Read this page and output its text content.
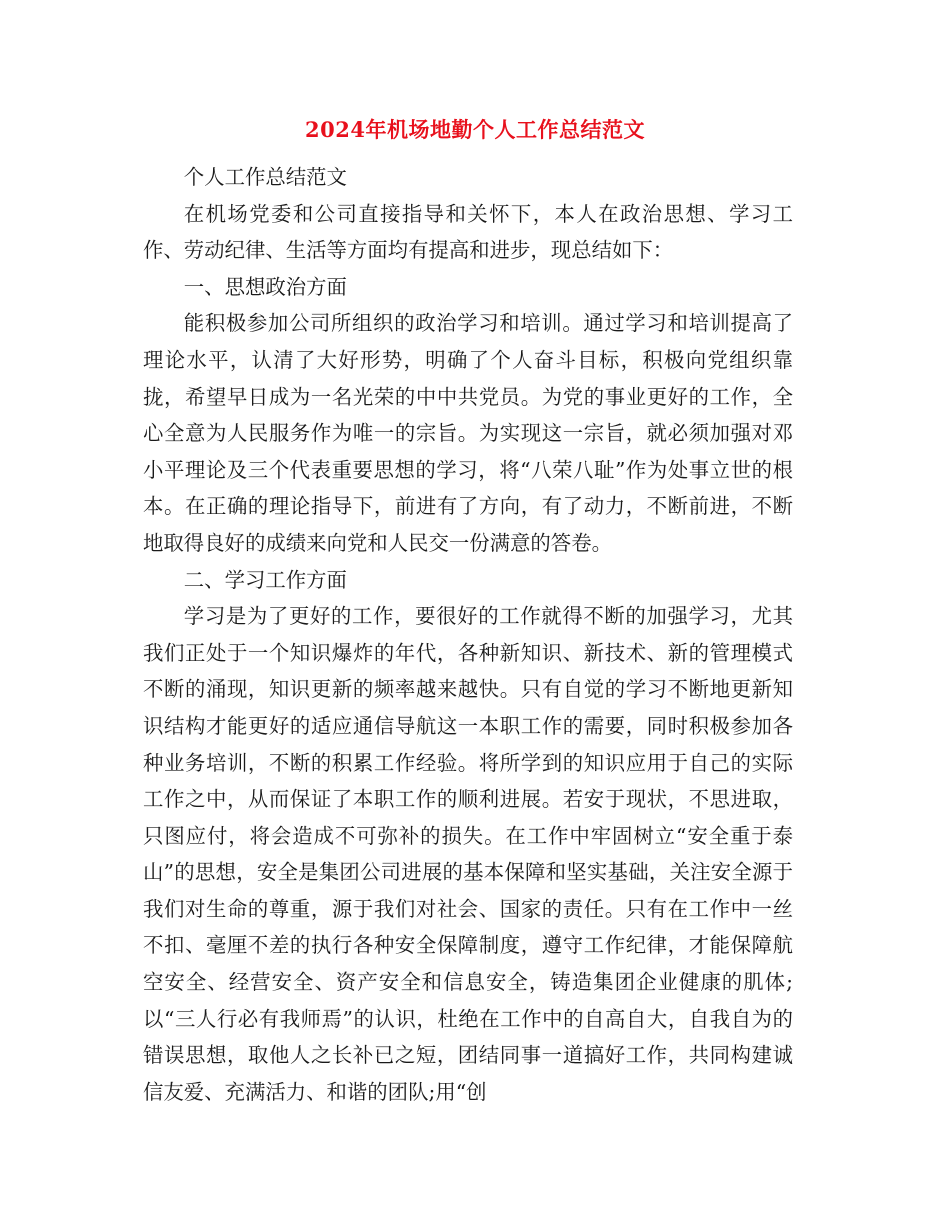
2024年机场地勤个人工作总结范文

个人工作总结范文

在机场党委和公司直接指导和关怀下，本人在政治思想、学习工作、劳动纪律、生活等方面均有提高和进步，现总结如下：

一、思想政治方面

能积极参加公司所组织的政治学习和培训。通过学习和培训提高了理论水平，认清了大好形势，明确了个人奋斗目标，积极向党组织靠拢，希望早日成为一名光荣的中中共党员。为党的事业更好的工作，全心全意为人民服务作为唯一的宗旨。为实现这一宗旨，就必须加强对邓小平理论及三个代表重要思想的学习，将“八荣八耻”作为处事立世的根本。在正确的理论指导下，前进有了方向，有了动力，不断前进，不断地取得良好的成绩来向党和人民交一份满意的答卷。

二、学习工作方面

学习是为了更好的工作，要很好的工作就得不断的加强学习，尤其我们正处于一个知识爆炸的年代，各种新知识、新技术、新的管理模式不断的涌现，知识更新的频率越来越快。只有自觉的学习不断地更新知识结构才能更好的适应通信导航这一本职工作的需要，同时积极参加各种业务培训，不断的积累工作经验。将所学到的知识应用于自己的实际工作之中，从而保证了本职工作的顺利进展。若安于现状，不思进取，只图应付，将会造成不可弥补的损失。在工作中牢固树立“安全重于泰山”的思想，安全是集团公司进展的基本保障和坚实基础，关注安全源于我们对生命的尊重，源于我们对社会、国家的责任。只有在工作中一丝不扣、毫厘不差的执行各种安全保障制度，遵守工作纪律，才能保障航空安全、经营安全、资产安全和信息安全，铸造集团企业健康的肌体;以“三人行必有我师焉”的认识，杜绝在工作中的自高自大，自我自为的错误思想，取他人之长补已之短，团结同事一道搞好工作，共同构建诚信友爱、充满活力、和谐的团队;用“创
